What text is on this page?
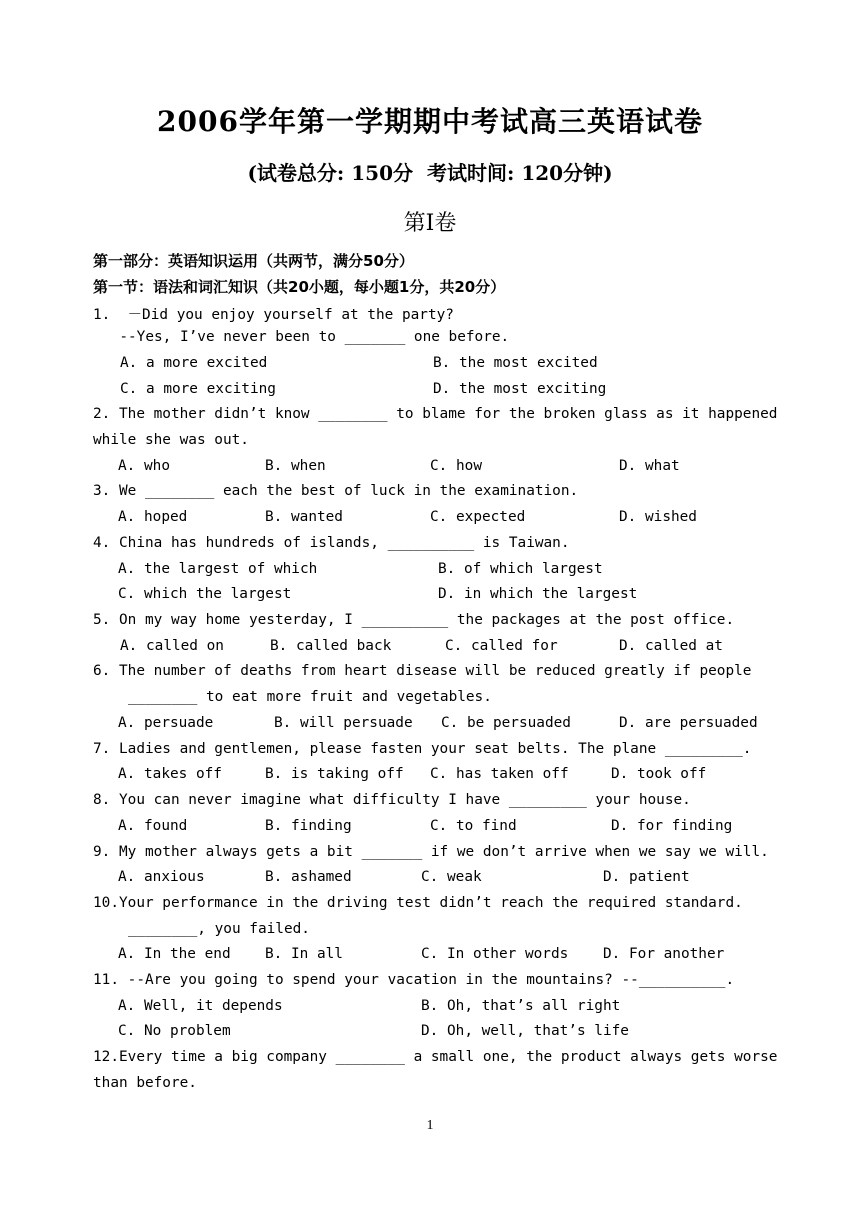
2006学年第一学期期中考试高三英语试卷
(试卷总分: 150分 考试时间: 120分钟)
第I卷
第一部分：英语知识运用（共两节，满分50分）
第一节：语法和词汇知识（共20小题，每小题1分，共20分）
1.  －Did you enjoy yourself at the party?
--Yes, I’ve never been to _______ one before.
A. a more excited	B. the most excited
C. a more exciting	D. the most exciting
2. The mother didn’t know ________ to blame for the broken glass as it happened
while she was out.
A. who	B. when	C. how	D. what
3. We ________ each the best of luck in the examination.
A. hoped	B. wanted	C. expected	D. wished
4. China has hundreds of islands, __________ is Taiwan.
A. the largest of which	B. of which largest
C. which the largest	D. in which the largest
5. On my way home yesterday, I __________ the packages at the post office.
A. called on	B. called back	C. called for	D. called at
6. The number of deaths from heart disease will be reduced greatly if people
________ to eat more fruit and vegetables.
A. persuade	B. will persuade C. be persuaded	D. are persuaded
7. Ladies and gentlemen, please fasten your seat belts. The plane _________.
A. takes off	B. is taking off C. has taken off	D. took off
8. You can never imagine what difficulty I have _________ your house.
A. found	B. finding	C. to find	D. for finding
9. My mother always gets a bit _______ if we don’t arrive when we say we will.
A. anxious	B. ashamed	C. weak	D. patient
10.Your performance in the driving test didn’t reach the required standard.
________, you failed.
A. In the end B. In all	C. In other words D. For another
11. --Are you going to spend your vacation in the mountains? --__________.
A. Well, it depends	B. Oh, that’s all right
C. No problem	D. Oh, well, that’s life
12.Every time a big company ________ a small one, the product always gets worse
than before.
1
